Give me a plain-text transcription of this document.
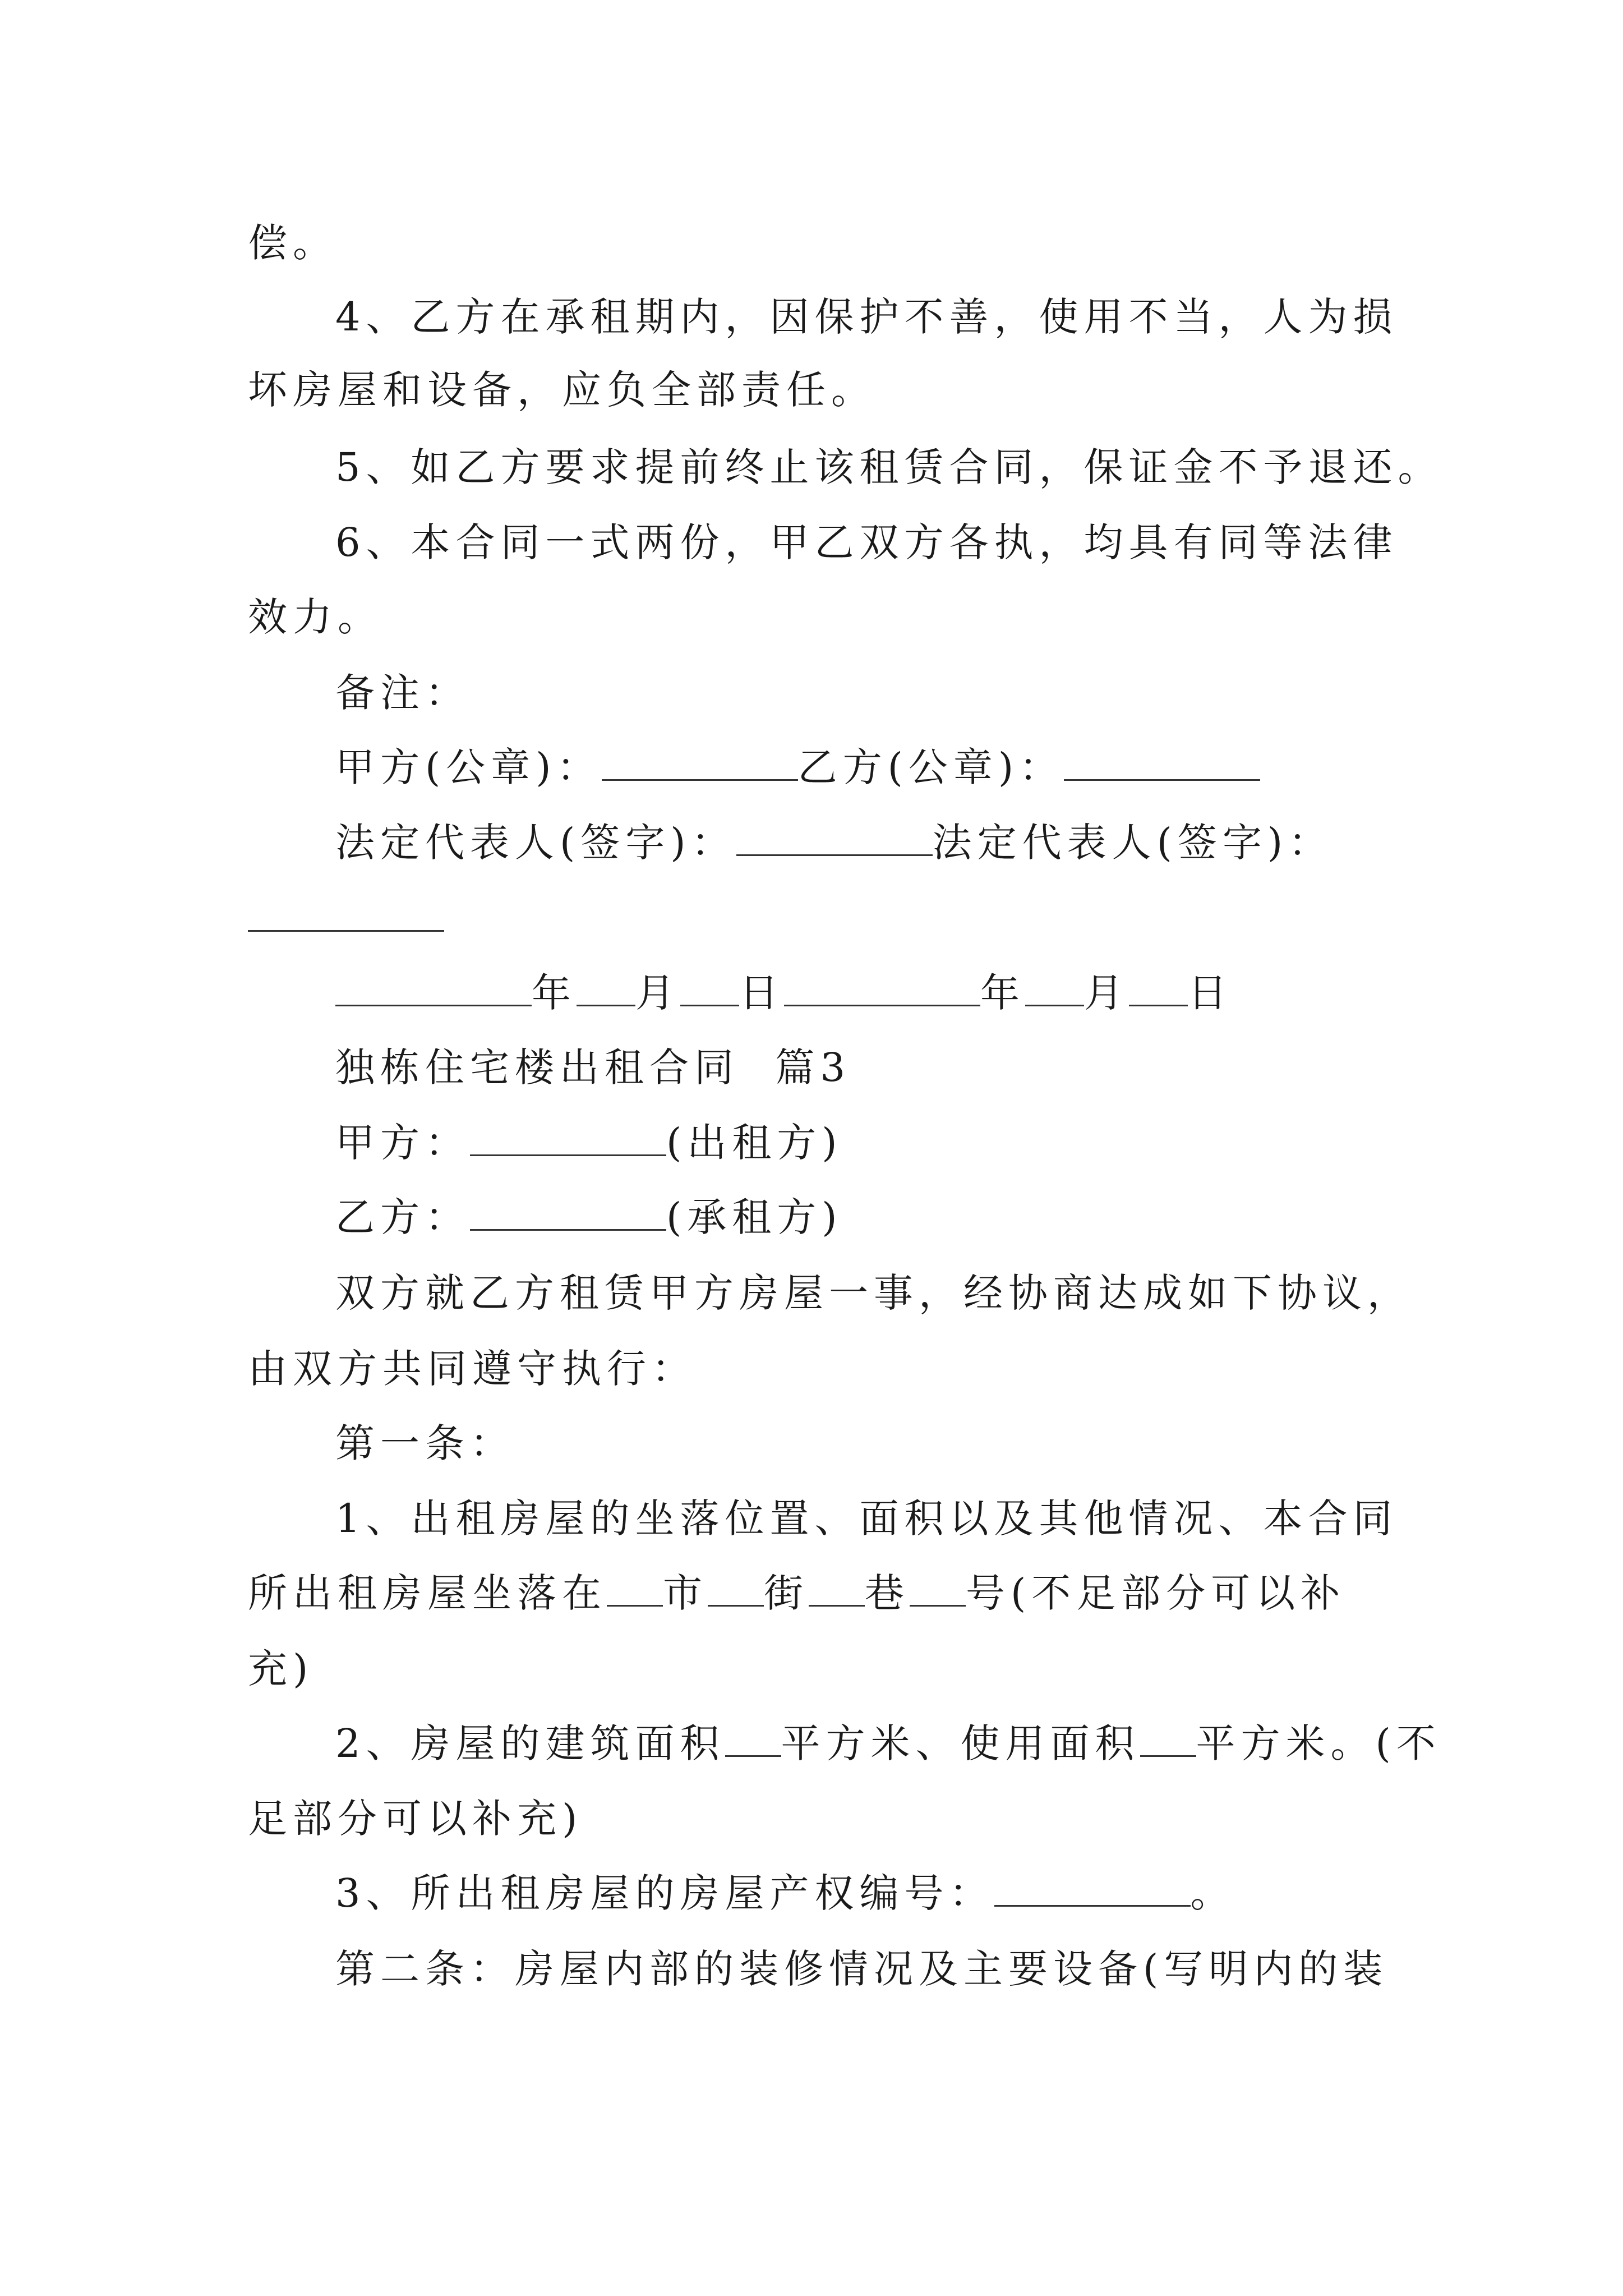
偿。
4、乙方在承租期内，因保护不善，使用不当，人为损
坏房屋和设备，应负全部责任。
5、如乙方要求提前终止该租赁合同，保证金不予退还。
6、本合同一式两份，甲乙双方各执，均具有同等法律
效力。
备注：
甲方(公章)：	乙方(公章)：
法定代表人(签字)：	法定代表人(签字)：
年 月 日	年 月 日
独栋住宅楼出租合同  篇3
甲方：	(出租方)
乙方：	(承租方)
双方就乙方租赁甲方房屋一事，经协商达成如下协议，
由双方共同遵守执行：
第一条：
1、出租房屋的坐落位置、面积以及其他情况、本合同
所出租房屋坐落在 市 街 巷 号(不足部分可以补
充)
2、房屋的建筑面积 平方米、使用面积 平方米。(不
足部分可以补充)
3、所出租房屋的房屋产权编号：	。
第二条：房屋内部的装修情况及主要设备(写明内的装
